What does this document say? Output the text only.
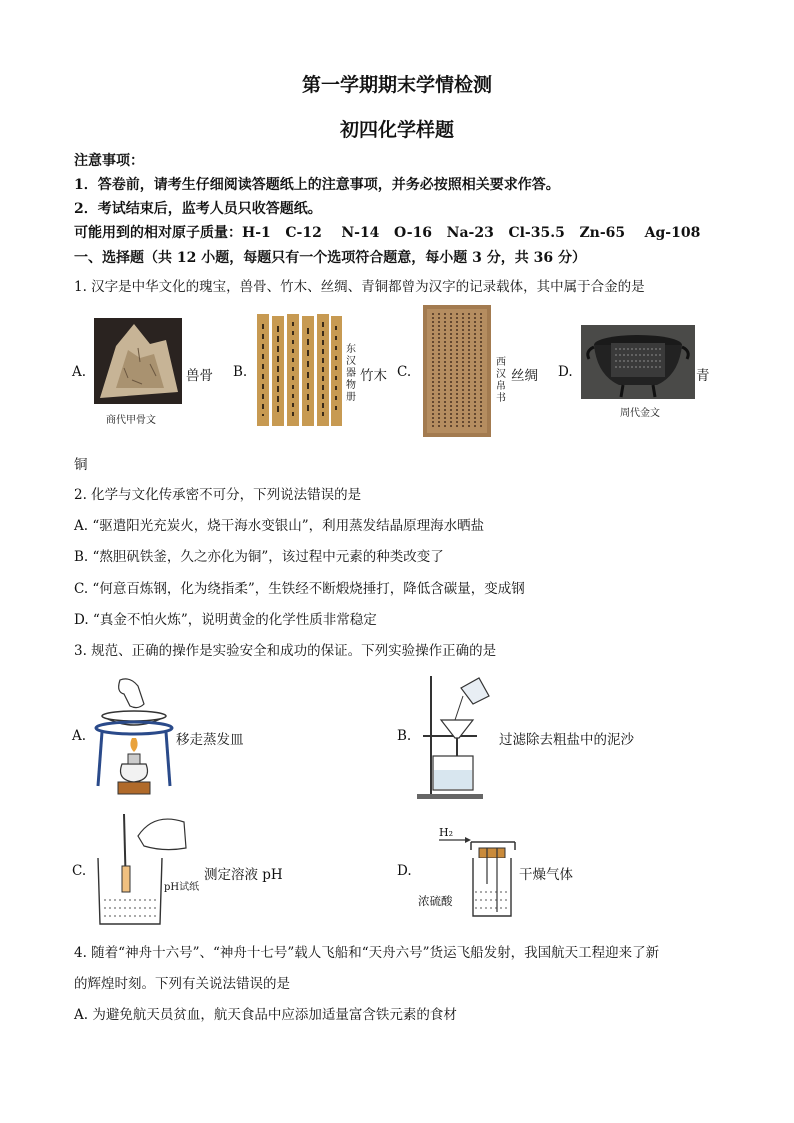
第一学期期末学情检测
初四化学样题
注意事项：
1．答卷前，请考生仔细阅读答题纸上的注意事项，并务必按照相关要求作答。
2．考试结束后，监考人员只收答题纸。
可能用到的相对原子质量：H-1   C-12    N-14   O-16   Na-23   Cl-35.5   Zn-65    Ag-108
一、选择题（共 12 小题，每题只有一个选项符合题意，每小题 3 分，共 36 分）
1. 汉字是中华文化的瑰宝，兽骨、竹木、丝绸、青铜都曾为汉字的记录载体，其中属于合金的是
A.
商代甲骨文
兽骨 B.
东汉器物册
竹木 C.
西汉帛书
丝绸 D.
周代金文
青
铜
2. 化学与文化传承密不可分，下列说法错误的是
A. “驱遣阳光充炭火，烧干海水变银山”，利用蒸发结晶原理海水晒盐
B. “熬胆矾铁釜，久之亦化为铜”，该过程中元素的种类改变了
C. “何意百炼钢，化为绕指柔”，生铁经不断煅烧捶打，降低含碳量，变成钢
D. “真金不怕火炼”，说明黄金的化学性质非常稳定
3. 规范、正确的操作是实验安全和成功的保证。下列实验操作正确的是
A.	移走蒸发皿	B.	过滤除去粗盐中的泥沙
C.
pH试纸
测定溶液 pH	D.
H₂
浓硫酸
干燥气体
4. 随着“神舟十六号”、“神舟十七号”载人飞船和“天舟六号”货运飞船发射，我国航天工程迎来了新
的辉煌时刻。下列有关说法错误的是
A. 为避免航天员贫血，航天食品中应添加适量富含铁元素的食材
